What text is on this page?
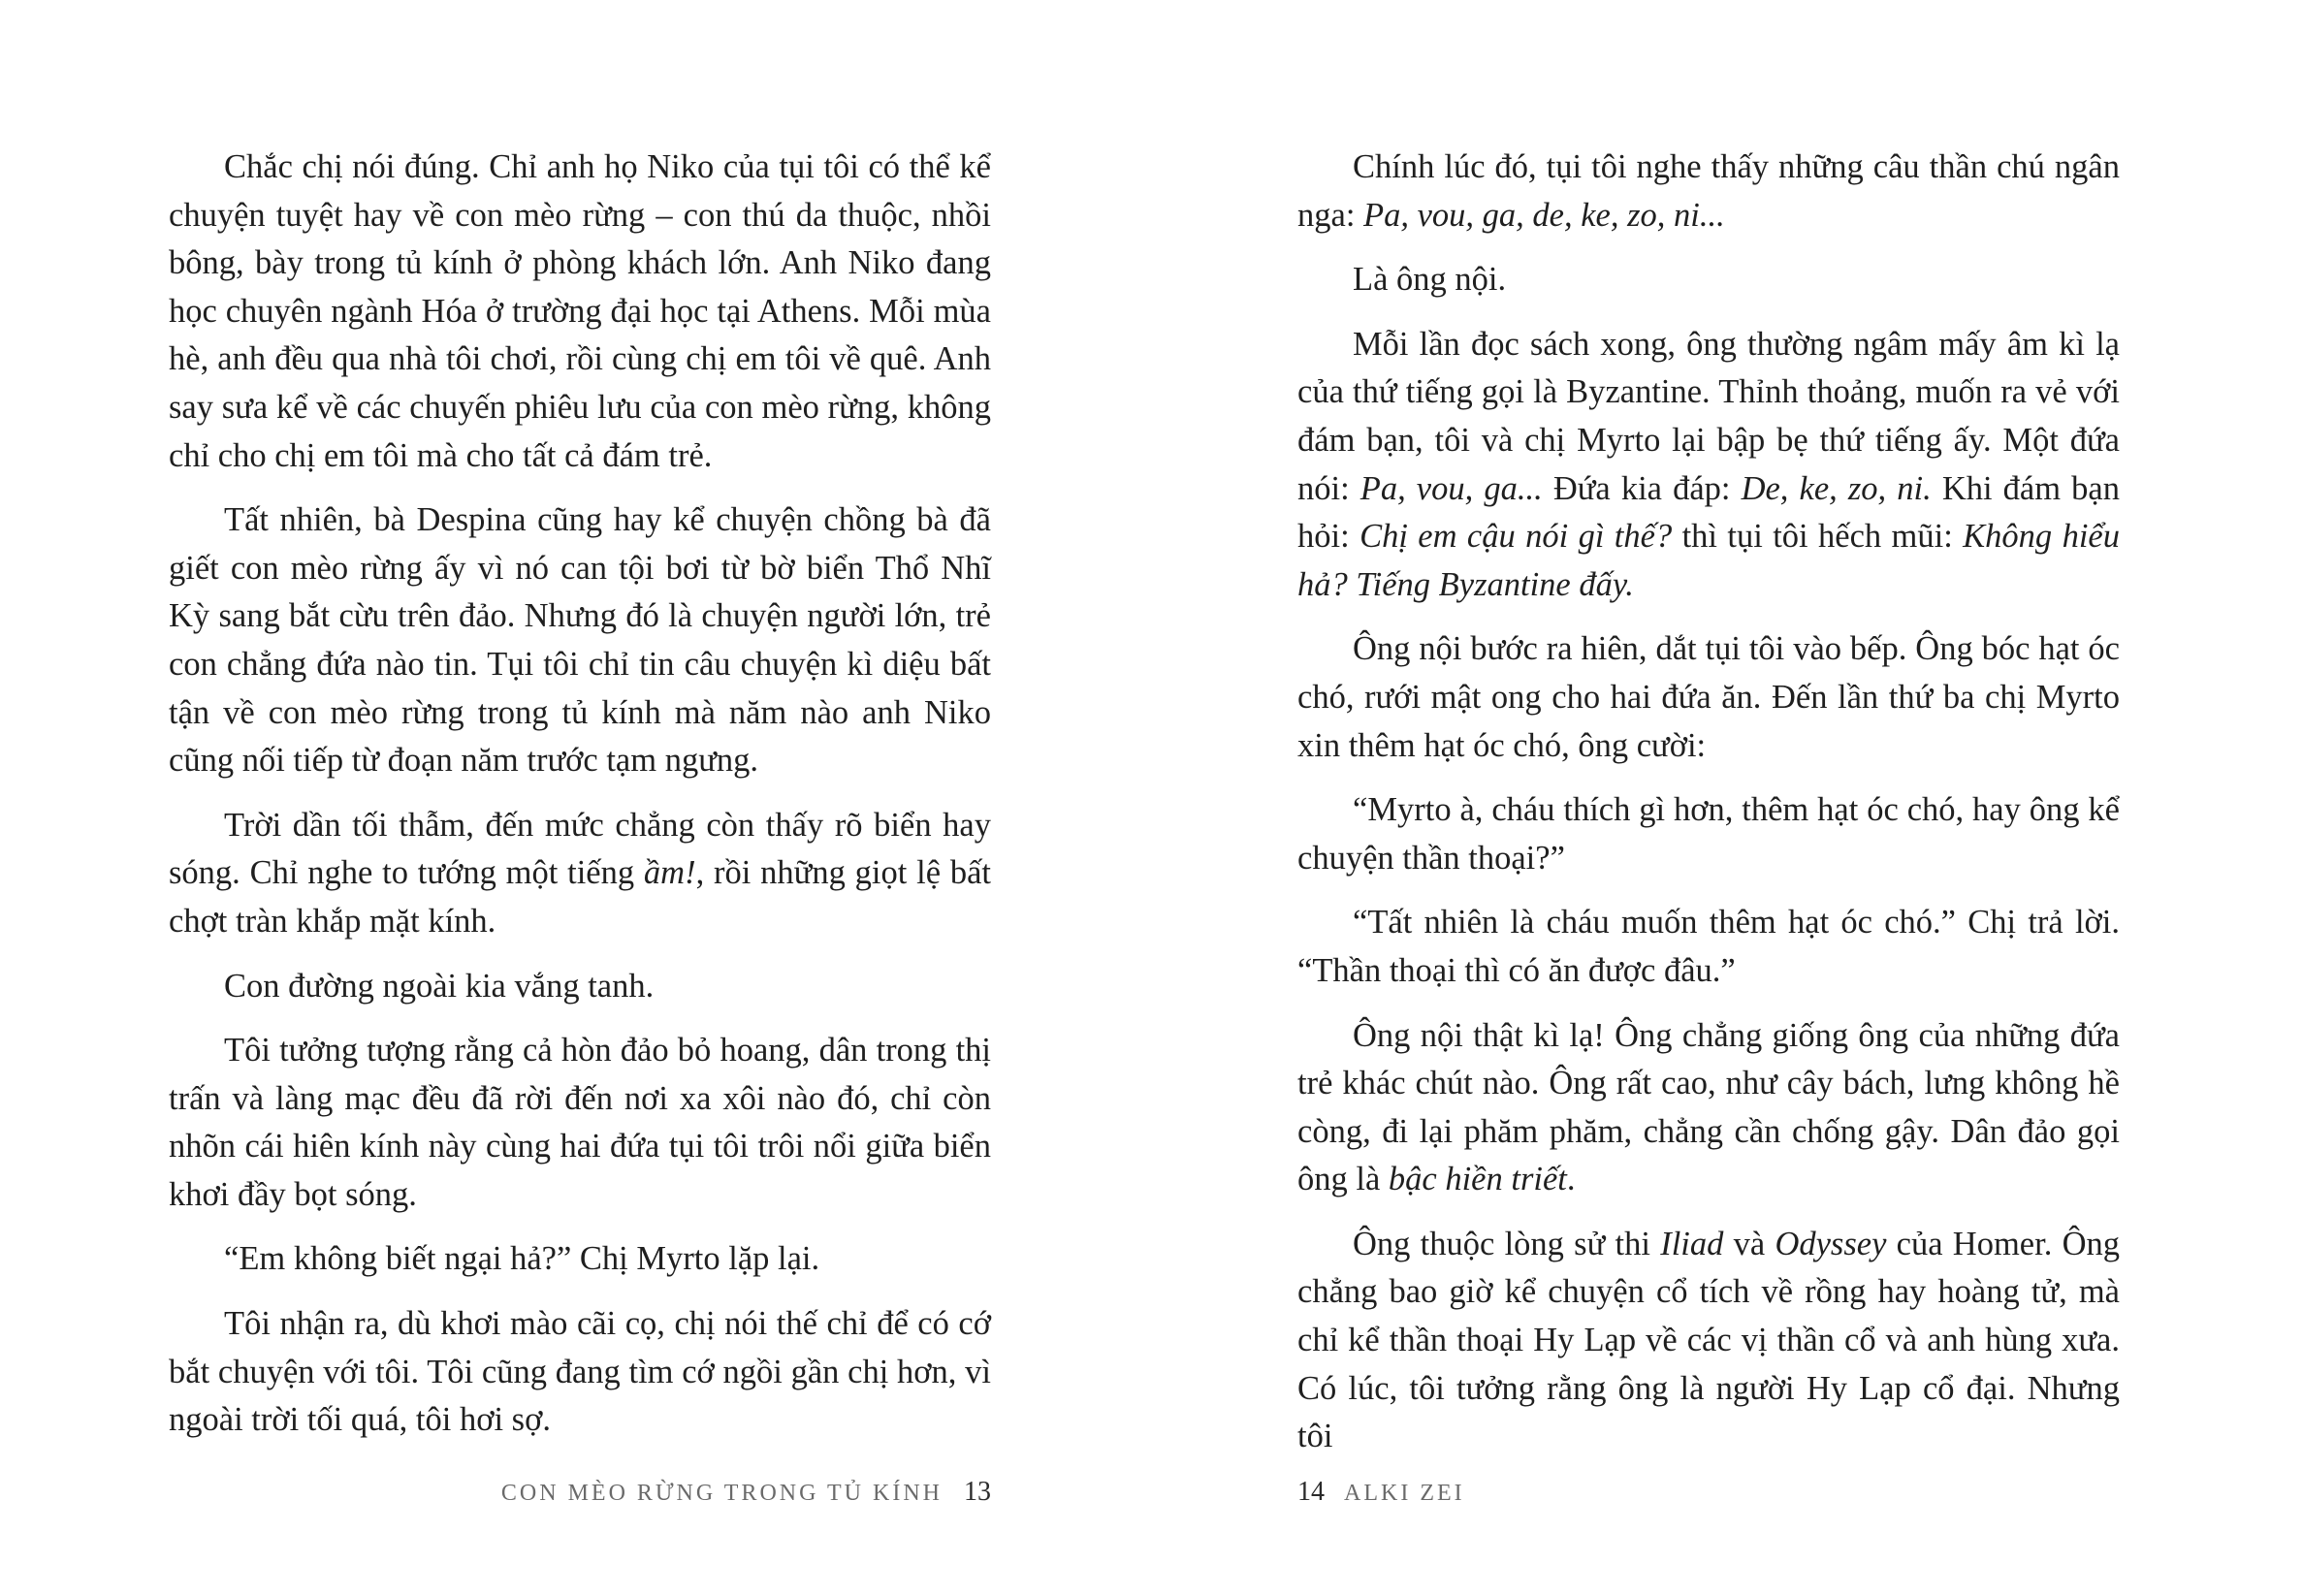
Chắc chị nói đúng. Chỉ anh họ Niko của tụi tôi có thể kể chuyện tuyệt hay về con mèo rừng – con thú da thuộc, nhồi bông, bày trong tủ kính ở phòng khách lớn. Anh Niko đang học chuyên ngành Hóa ở trường đại học tại Athens. Mỗi mùa hè, anh đều qua nhà tôi chơi, rồi cùng chị em tôi về quê. Anh say sưa kể về các chuyến phiêu lưu của con mèo rừng, không chỉ cho chị em tôi mà cho tất cả đám trẻ.

Tất nhiên, bà Despina cũng hay kể chuyện chồng bà đã giết con mèo rừng ấy vì nó can tội bơi từ bờ biển Thổ Nhĩ Kỳ sang bắt cừu trên đảo. Nhưng đó là chuyện người lớn, trẻ con chẳng đứa nào tin. Tụi tôi chỉ tin câu chuyện kì diệu bất tận về con mèo rừng trong tủ kính mà năm nào anh Niko cũng nối tiếp từ đoạn năm trước tạm ngưng.

Trời dần tối thẫm, đến mức chẳng còn thấy rõ biển hay sóng. Chỉ nghe to tướng một tiếng ầm!, rồi những giọt lệ bất chợt tràn khắp mặt kính.

Con đường ngoài kia vắng tanh.

Tôi tưởng tượng rằng cả hòn đảo bỏ hoang, dân trong thị trấn và làng mạc đều đã rời đến nơi xa xôi nào đó, chỉ còn nhõn cái hiên kính này cùng hai đứa tụi tôi trôi nổi giữa biển khơi đầy bọt sóng.

“Em không biết ngại hả?” Chị Myrto lặp lại.

Tôi nhận ra, dù khơi mào cãi cọ, chị nói thế chỉ để có cớ bắt chuyện với tôi. Tôi cũng đang tìm cớ ngồi gần chị hơn, vì ngoài trời tối quá, tôi hơi sợ.

CON MÈO RỪNG TRONG TỦ KÍNH 13

Chính lúc đó, tụi tôi nghe thấy những câu thần chú ngân nga: Pa, vou, ga, de, ke, zo, ni...

Là ông nội.

Mỗi lần đọc sách xong, ông thường ngâm mấy âm kì lạ của thứ tiếng gọi là Byzantine. Thỉnh thoảng, muốn ra vẻ với đám bạn, tôi và chị Myrto lại bập bẹ thứ tiếng ấy. Một đứa nói: Pa, vou, ga... Đứa kia đáp: De, ke, zo, ni. Khi đám bạn hỏi: Chị em cậu nói gì thế? thì tụi tôi hếch mũi: Không hiểu hả? Tiếng Byzantine đấy.

Ông nội bước ra hiên, dắt tụi tôi vào bếp. Ông bóc hạt óc chó, rưới mật ong cho hai đứa ăn. Đến lần thứ ba chị Myrto xin thêm hạt óc chó, ông cười:

“Myrto à, cháu thích gì hơn, thêm hạt óc chó, hay ông kể chuyện thần thoại?”

“Tất nhiên là cháu muốn thêm hạt óc chó.” Chị trả lời. “Thần thoại thì có ăn được đâu.”

Ông nội thật kì lạ! Ông chẳng giống ông của những đứa trẻ khác chút nào. Ông rất cao, như cây bách, lưng không hề còng, đi lại phăm phăm, chẳng cần chống gậy. Dân đảo gọi ông là bậc hiền triết.

Ông thuộc lòng sử thi Iliad và Odyssey của Homer. Ông chẳng bao giờ kể chuyện cổ tích về rồng hay hoàng tử, mà chỉ kể thần thoại Hy Lạp về các vị thần cổ và anh hùng xưa. Có lúc, tôi tưởng rằng ông là người Hy Lạp cổ đại. Nhưng tôi

14 ALKI ZEI
